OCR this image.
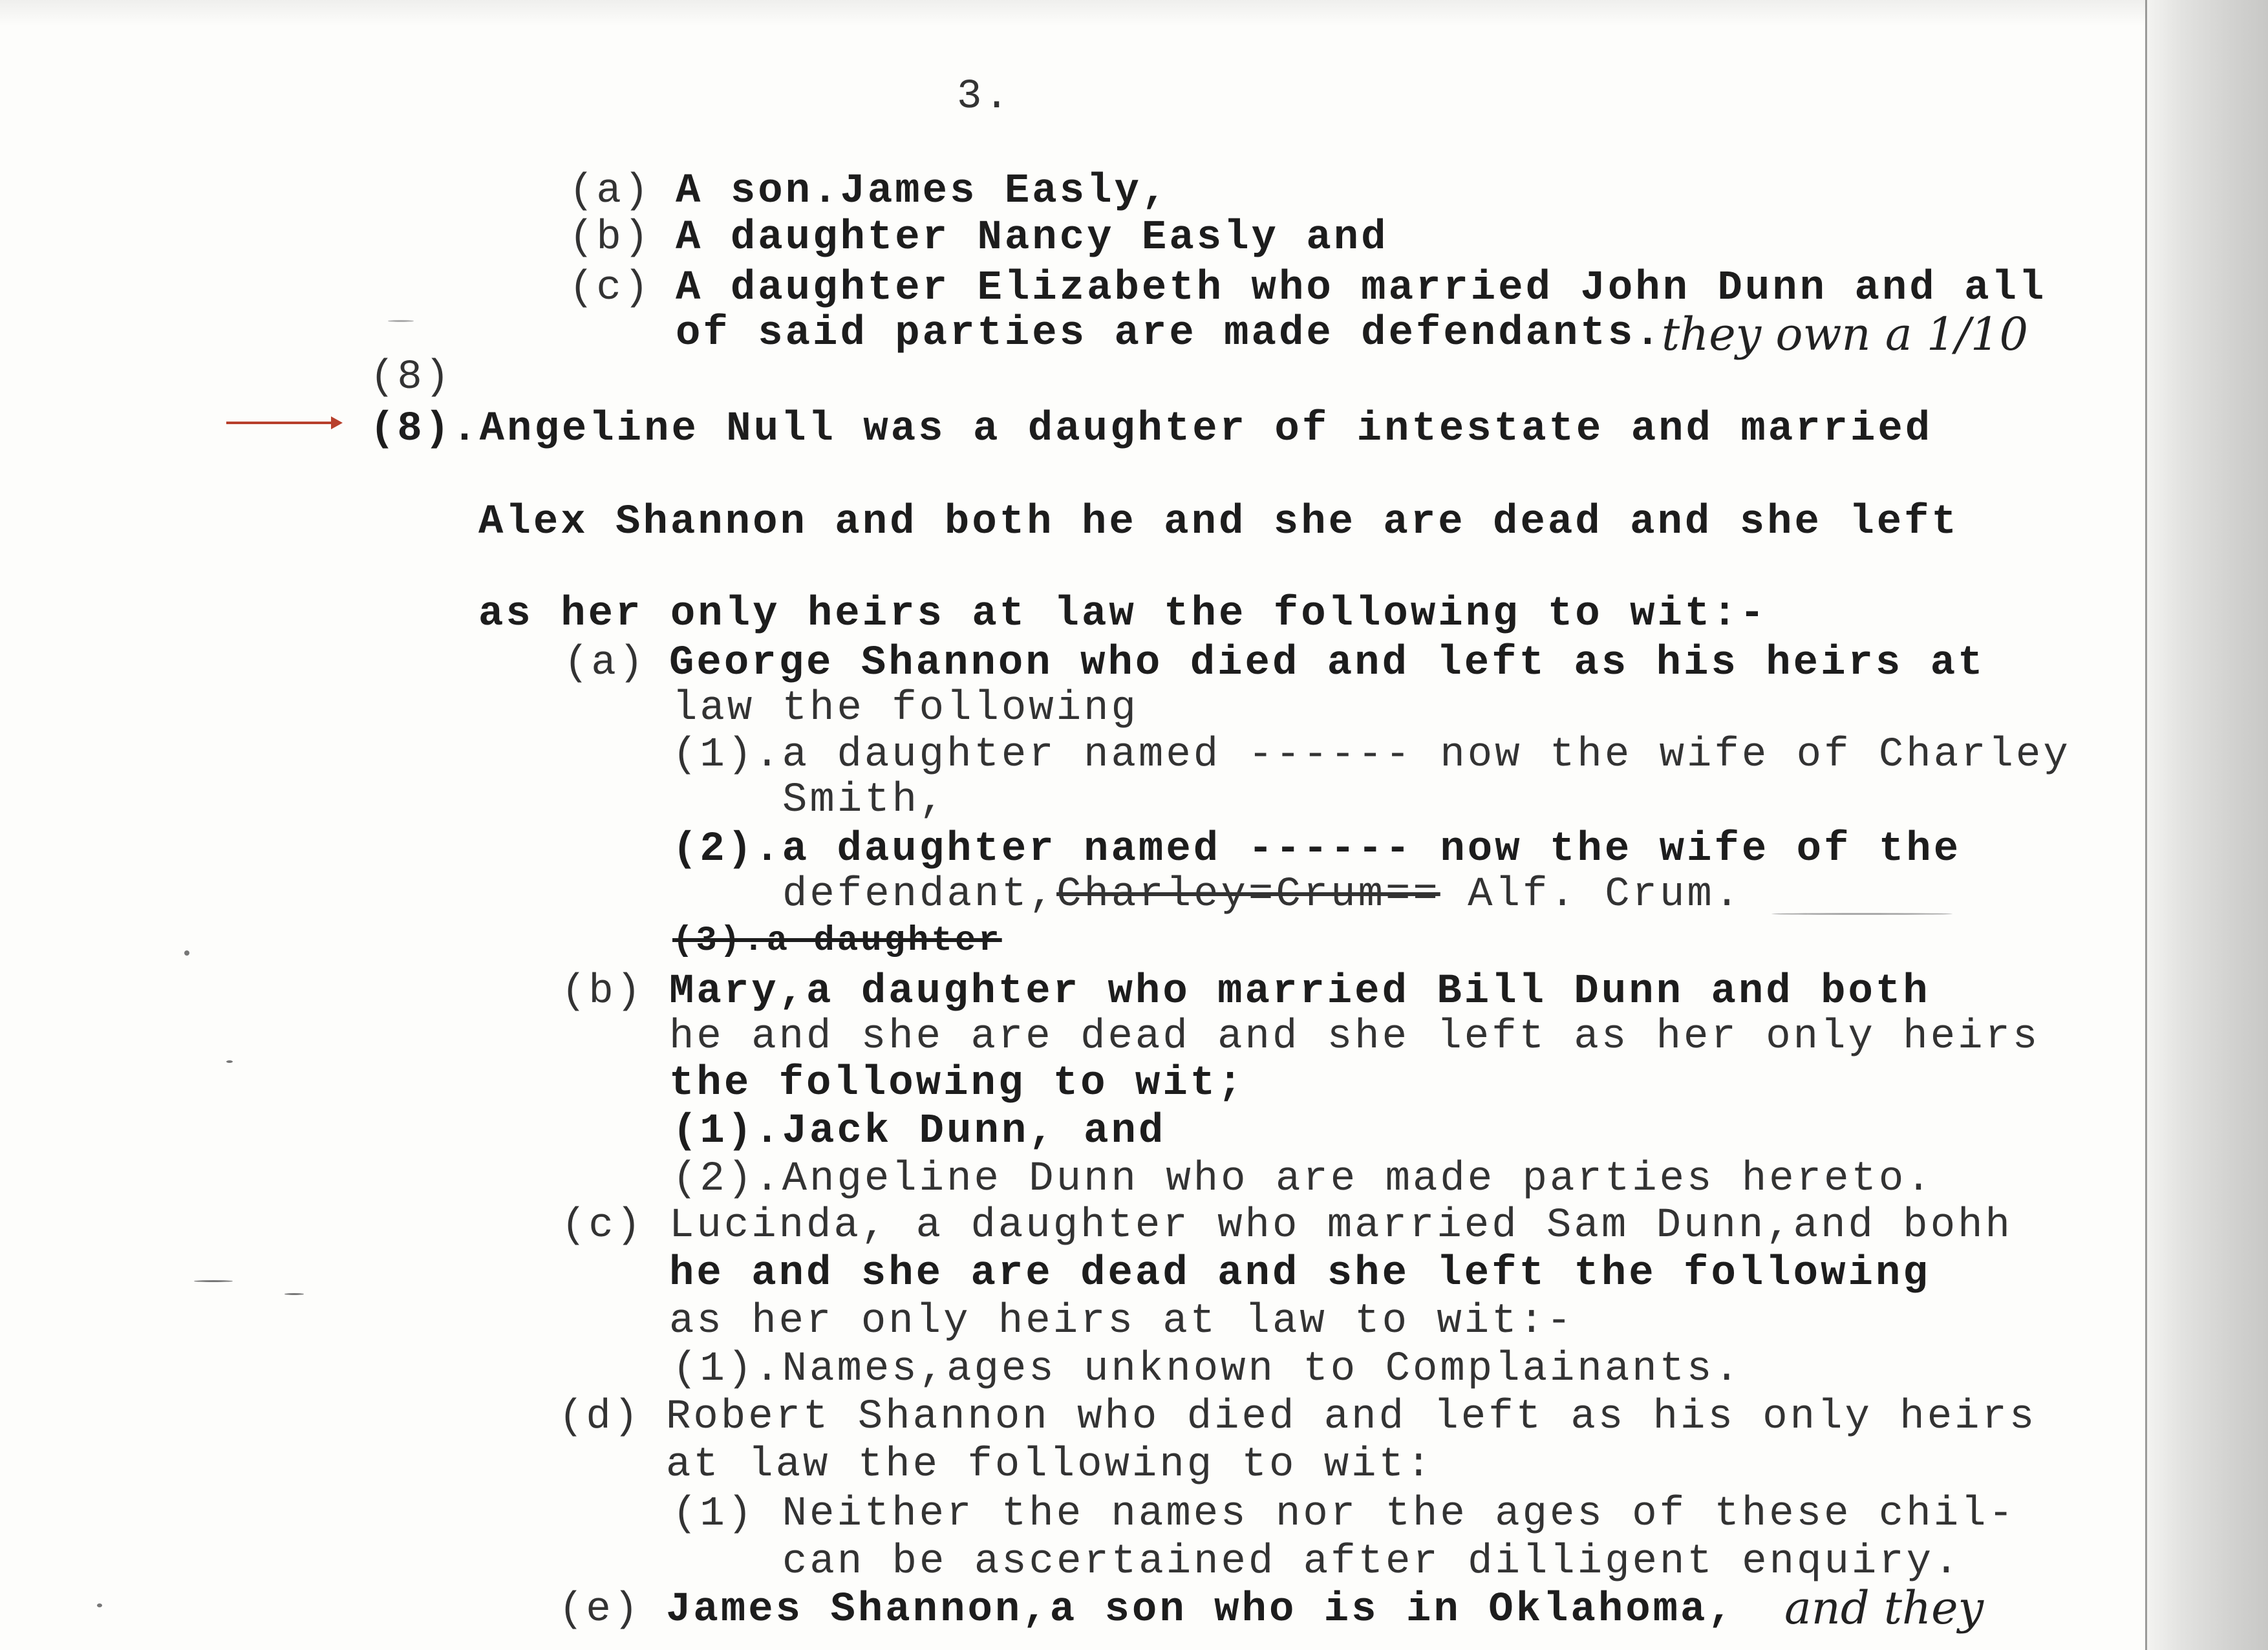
3.
(a) A son.James Easly,
(b) A daughter Nancy Easly and
(c) A daughter Elizabeth who married John Dunn and all
of said parties are made defendants.
they own a 1/10
(8)
(8).Angeline Null was a daughter of intestate and married
Alex Shannon and both he and she are dead and she left
as her only heirs at law the following to wit:-
(a) George Shannon who died and left as his heirs at
law the following
(1).a daughter named ------ now the wife of Charley
Smith,
(2).a daughter named ------ now the wife of the
defendant,Charley=Crum== Alf. Crum.
(3).a daughter
(b) Mary,a daughter who married Bill Dunn and both
he and she are dead and she left as her only heirs
the following to wit;
(1).Jack Dunn, and
(2).Angeline Dunn who are made parties hereto.
(c) Lucinda, a daughter who married Sam Dunn,and bohh
he and she are dead and she left the following
as her only heirs at law to wit:-
(1).Names,ages unknown to Complainants.
(d) Robert Shannon who died and left as his only heirs
at law the following to wit:
(1) Neither the names nor the ages of these chil-
can be ascertained after dilligent enquiry.
(e) James Shannon,a son who is in Oklahoma, and they
